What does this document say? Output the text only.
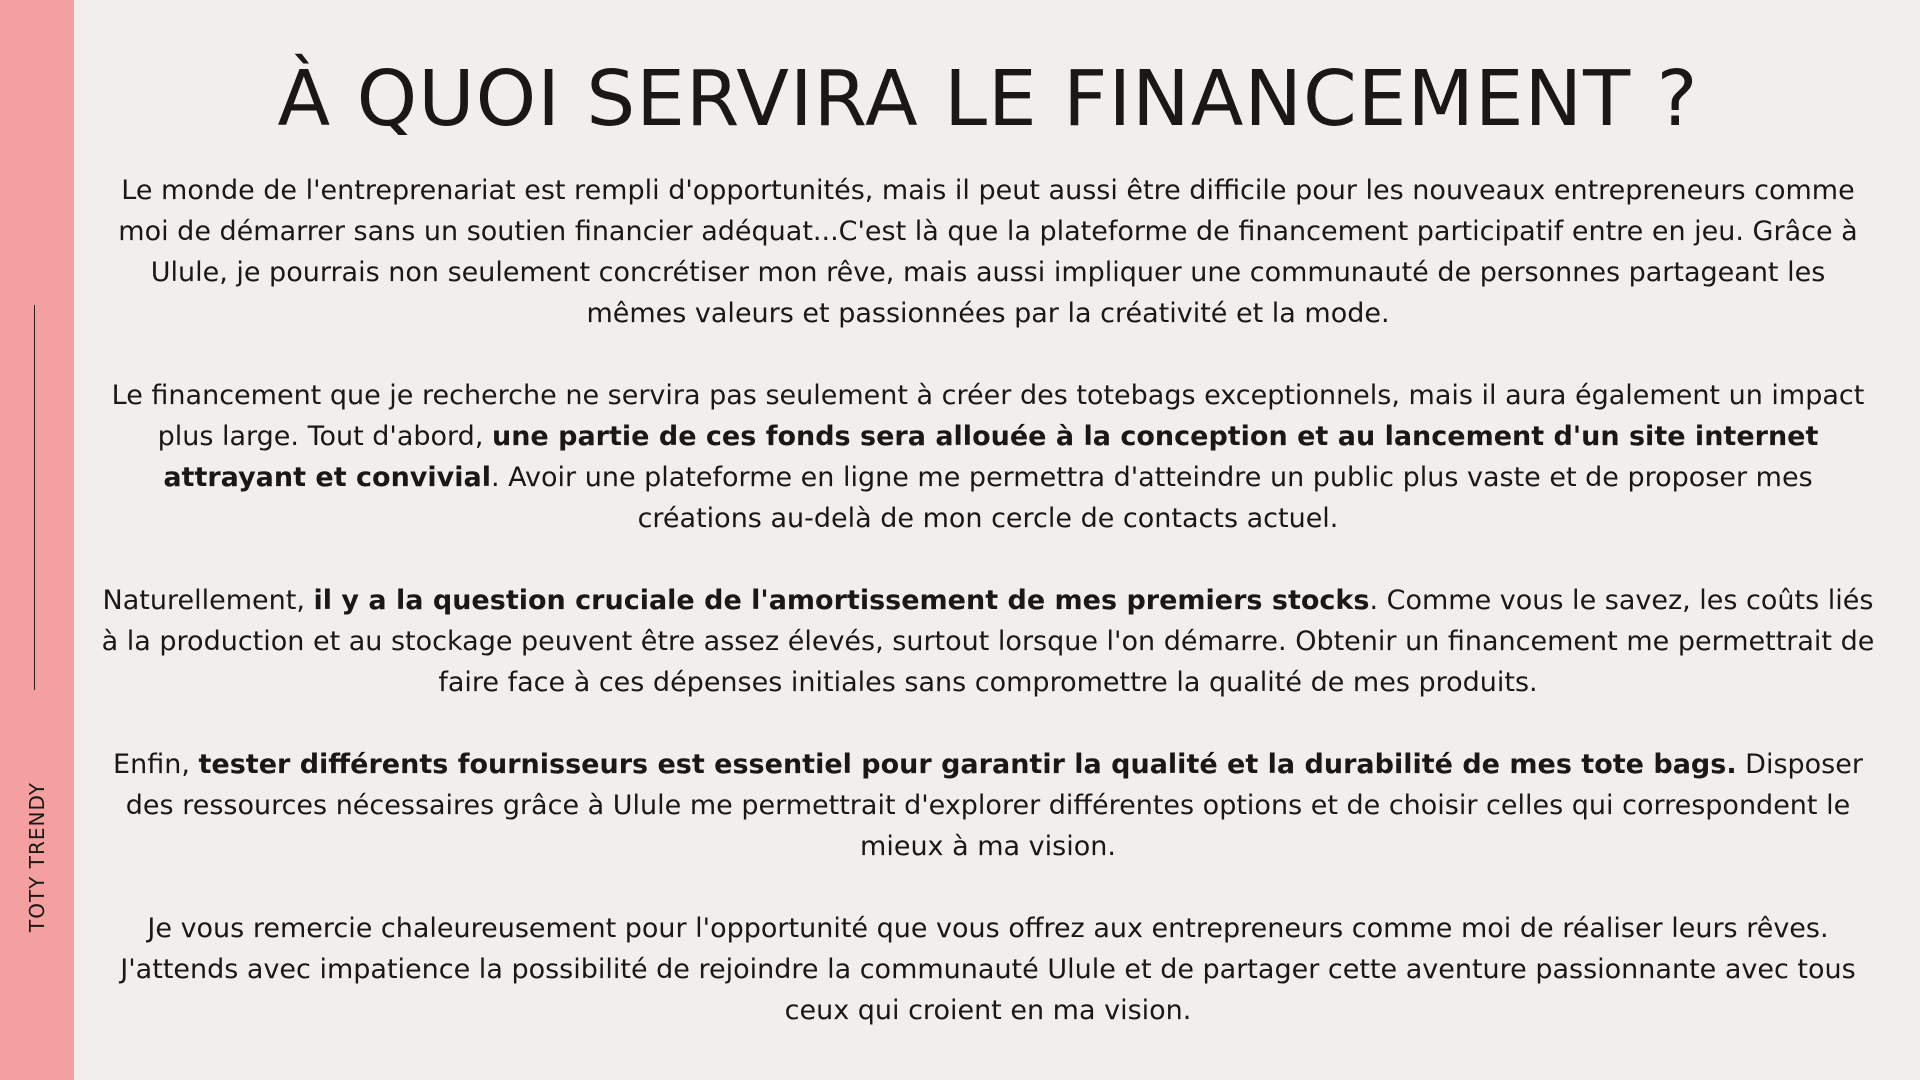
TOTY TRENDY
À QUOI SERVIRA LE FINANCEMENT ?

Le monde de l'entreprenariat est rempli d'opportunités, mais il peut aussi être difficile pour les nouveaux entrepreneurs comme moi de démarrer sans un soutien financier adéquat...C'est là que la plateforme de financement participatif entre en jeu. Grâce à Ulule, je pourrais non seulement concrétiser mon rêve, mais aussi impliquer une communauté de personnes partageant les mêmes valeurs et passionnées par la créativité et la mode.

Le financement que je recherche ne servira pas seulement à créer des totebags exceptionnels, mais il aura également un impact plus large. Tout d'abord, une partie de ces fonds sera allouée à la conception et au lancement d'un site internet attrayant et convivial. Avoir une plateforme en ligne me permettra d'atteindre un public plus vaste et de proposer mes créations au-delà de mon cercle de contacts actuel.

Naturellement, il y a la question cruciale de l'amortissement de mes premiers stocks. Comme vous le savez, les coûts liés à la production et au stockage peuvent être assez élevés, surtout lorsque l'on démarre. Obtenir un financement me permettrait de faire face à ces dépenses initiales sans compromettre la qualité de mes produits.

Enfin, tester différents fournisseurs est essentiel pour garantir la qualité et la durabilité de mes tote bags. Disposer des ressources nécessaires grâce à Ulule me permettrait d'explorer différentes options et de choisir celles qui correspondent le mieux à ma vision.

Je vous remercie chaleureusement pour l'opportunité que vous offrez aux entrepreneurs comme moi de réaliser leurs rêves. J'attends avec impatience la possibilité de rejoindre la communauté Ulule et de partager cette aventure passionnante avec tous ceux qui croient en ma vision.
